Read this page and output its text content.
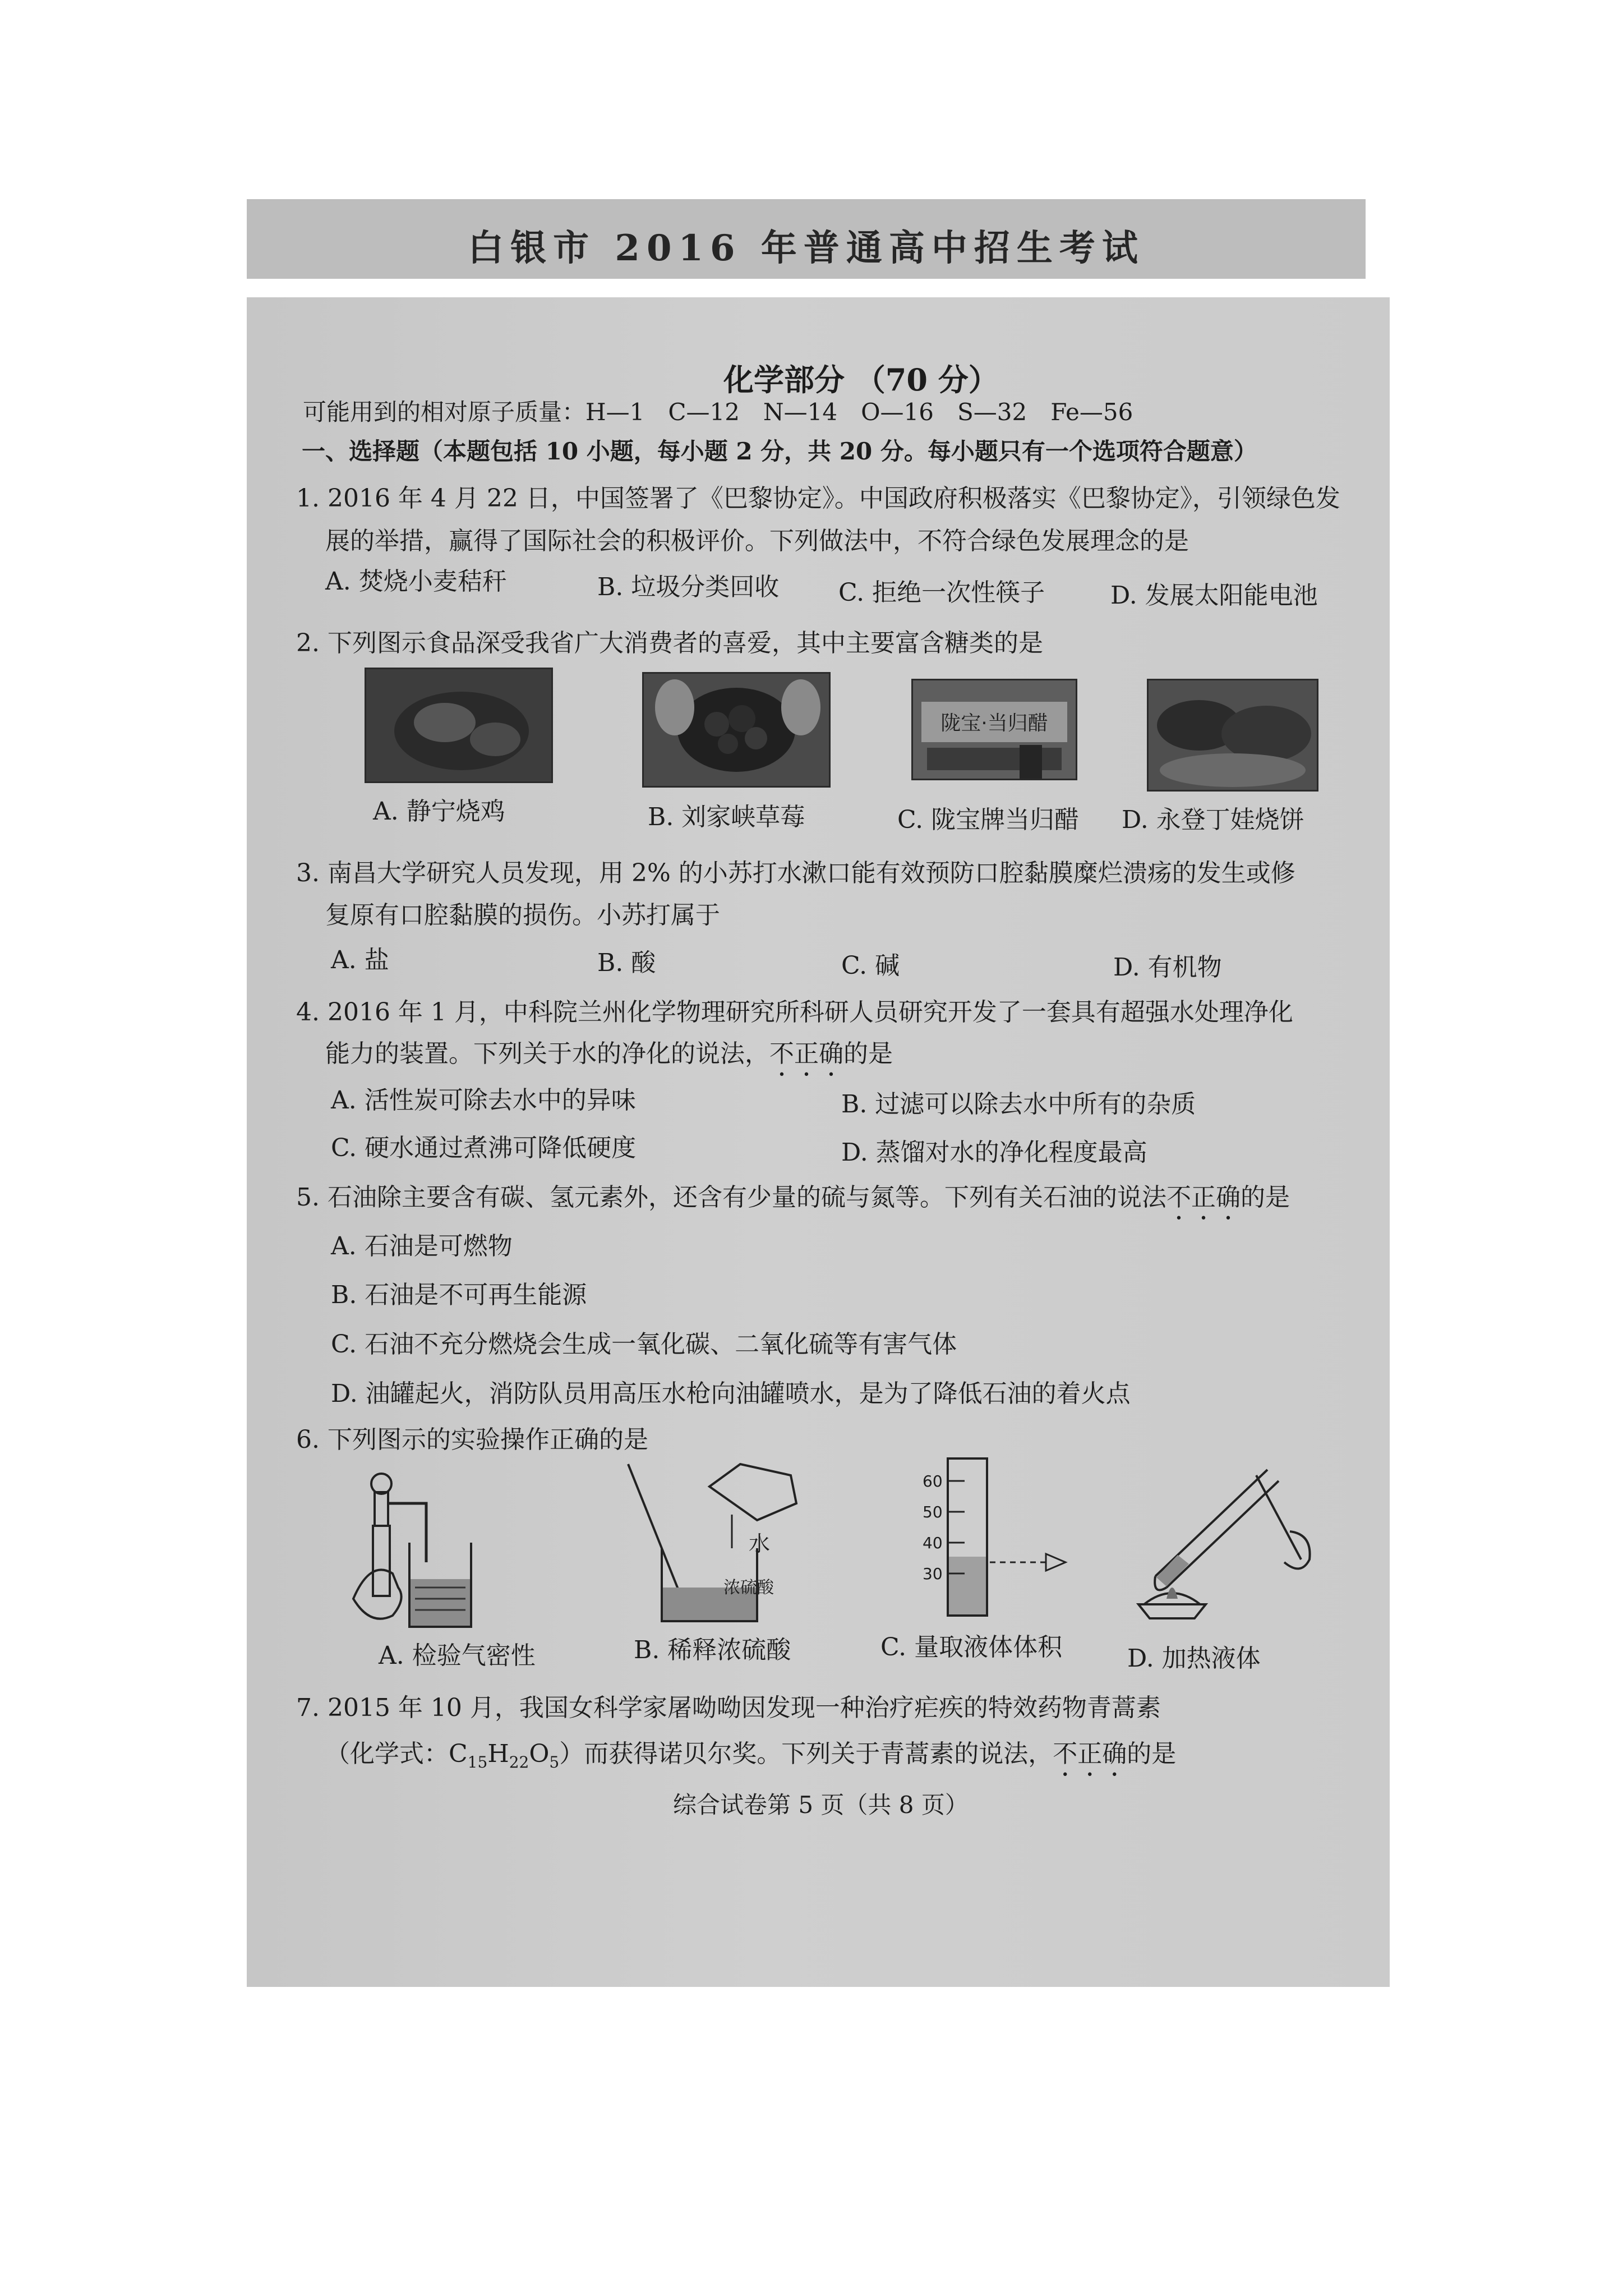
白银市 2016 年普通高中招生考试
化学部分 （70 分）
可能用到的相对原子质量：H—1　C—12　N—14　O—16　S—32　Fe—56
一、选择题（本题包括 10 小题，每小题 2 分，共 20 分。每小题只有一个选项符合题意）
1. 2016 年 4 月 22 日，中国签署了《巴黎协定》。中国政府积极落实《巴黎协定》，引领绿色发
展的举措，赢得了国际社会的积极评价。下列做法中，不符合绿色发展理念的是
A. 焚烧小麦秸秆	B. 垃圾分类回收 C. 拒绝一次性筷子	D. 发展太阳能电池
2. 下列图示食品深受我省广大消费者的喜爱，其中主要富含糖类的是
陇宝·当归醋
A. 静宁烧鸡	B. 刘家峡草莓	C. 陇宝牌当归醋 D. 永登丁娃烧饼
3. 南昌大学研究人员发现，用 2% 的小苏打水漱口能有效预防口腔黏膜糜烂溃疡的发生或修
复原有口腔黏膜的损伤。小苏打属于
A. 盐	B. 酸	C. 碱	D. 有机物
4. 2016 年 1 月，中科院兰州化学物理研究所科研人员研究开发了一套具有超强水处理净化
能力的装置。下列关于水的净化的说法，不正确的是
A. 活性炭可除去水中的异味	B. 过滤可以除去水中所有的杂质
C. 硬水通过煮沸可降低硬度	D. 蒸馏对水的净化程度最高
5. 石油除主要含有碳、氢元素外，还含有少量的硫与氮等。下列有关石油的说法不正确的是
A. 石油是可燃物
B. 石油是不可再生能源
C. 石油不充分燃烧会生成一氧化碳、二氧化硫等有害气体
D. 油罐起火，消防队员用高压水枪向油罐喷水，是为了降低石油的着火点
6. 下列图示的实验操作正确的是
水
浓硫酸
60
50
40
30
A. 检验气密性	B. 稀释浓硫酸	C. 量取液体体积	D. 加热液体
7. 2015 年 10 月，我国女科学家屠呦呦因发现一种治疗疟疾的特效药物青蒿素
（化学式：$C_{15}H_{22}O_5$）而获得诺贝尔奖。下列关于青蒿素的说法，不正确的是
综合试卷第 5 页（共 8 页）
